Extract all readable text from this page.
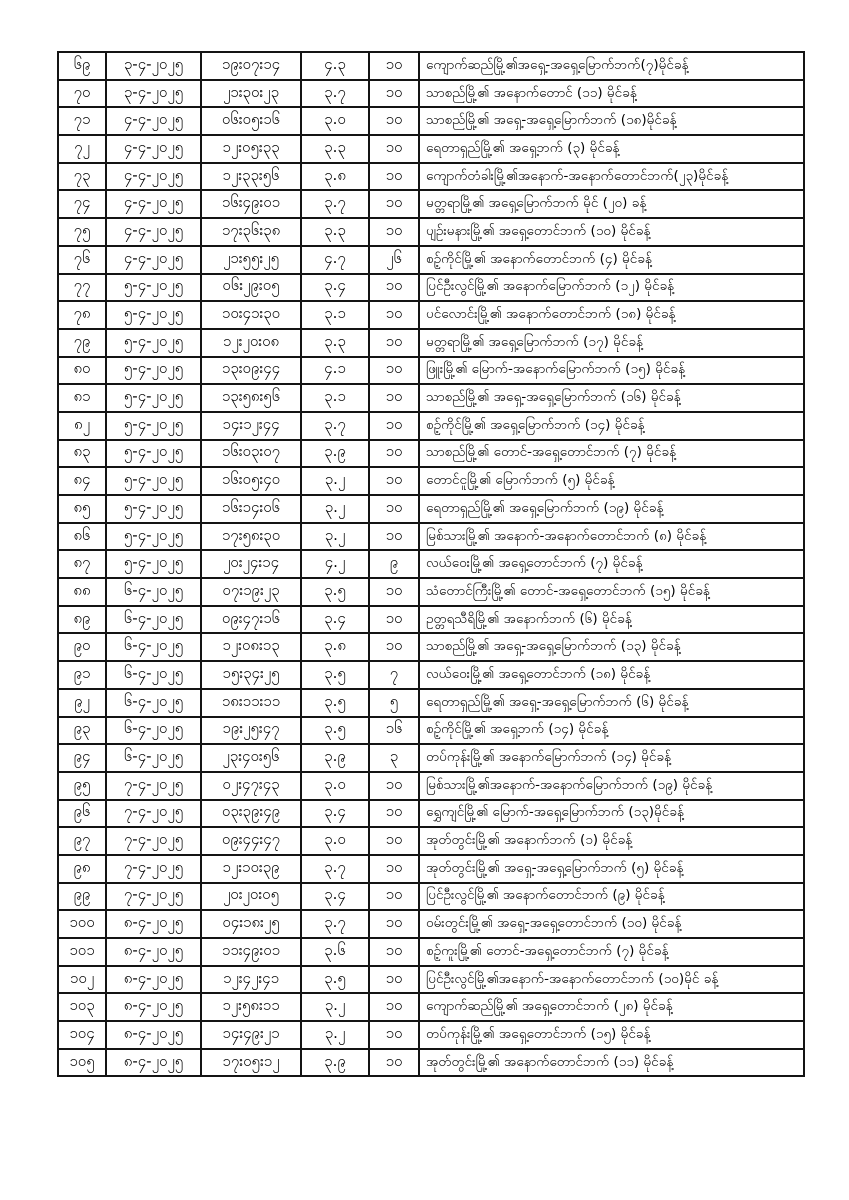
၆၉	၃-၄-၂၀၂၅	၁၉း၀၇း၁၄	၄.၃	၁၀	ကျောက်ဆည်မြို့၏အရှေ့-အရှေ့မြောက်ဘက်(၇)မိုင်ခန့်
၇၀	၃-၄-၂၀၂၅	၂၁း၃၀း၂၃	၃.၇	၁၀	သာစည်မြို့၏ အနောက်တောင် (၁၁) မိုင်ခန့်
၇၁	၄-၄-၂၀၂၅	၀၆း၀၅း၁၆	၃.၀	၁၀	သာစည်မြို့၏ အရှေ့-အရှေ့မြောက်ဘက် (၁၈)မိုင်ခန့်
၇၂	၄-၄-၂၀၂၅	၁၂း၀၅း၃၃	၃.၃	၁၀	ရေတာရှည်မြို့၏ အရှေ့ဘက် (၃) မိုင်ခန့်
၇၃	၄-၄-၂၀၂၅	၁၂း၃၃း၅၆	၃.၈	၁၀	ကျောက်တံခါးမြို့၏အနောက်-အနောက်တောင်ဘက်(၂၃)မိုင်ခန့်
၇၄	၄-၄-၂၀၂၅	၁၆း၄၉း၀၁	၃.၇	၁၀	မတ္တရာမြို့၏ အရှေ့မြောက်ဘက် မိုင် (၂၀) ခန့်
၇၅	၄-၄-၂၀၂၅	၁၇း၃၆း၃၈	၃.၃	၁၀	ပျဉ်းမနားမြို့၏ အရှေ့တောင်ဘက် (၁၀) မိုင်ခန့်
၇၆	၄-၄-၂၀၂၅	၂၁း၅၅း၂၅	၄.၇	၂၆	စဉ့်ကိုင်မြို့၏ အနောက်တောင်ဘက် (၄) မိုင်ခန့်
၇၇	၅-၄-၂၀၂၅	၀၆း၂၉း၀၅	၃.၄	၁၀	ပြင်ဦးလွင်မြို့၏ အနောက်မြောက်ဘက် (၁၂) မိုင်ခန့်
၇၈	၅-၄-၂၀၂၅	၁၀း၄၁း၃၀	၃.၁	၁၀	ပင်လောင်းမြို့၏ အနောက်တောင်ဘက် (၁၈) မိုင်ခန့်
၇၉	၅-၄-၂၀၂၅	၁၂း၂၀း၀၈	၃.၃	၁၀	မတ္တရာမြို့၏ အရှေ့မြောက်ဘက် (၁၇) မိုင်ခန့်
၈၀	၅-၄-၂၀၂၅	၁၃း၀၉း၄၄	၄.၁	၁၀	ဖြူးမြို့၏ မြောက်-အနောက်မြောက်ဘက် (၁၅) မိုင်ခန့်
၈၁	၅-၄-၂၀၂၅	၁၃း၅၈း၅၆	၃.၁	၁၀	သာစည်မြို့၏ အရှေ့-အရှေ့မြောက်ဘက် (၁၆) မိုင်ခန့်
၈၂	၅-၄-၂၀၂၅	၁၄း၁၂း၄၄	၃.၇	၁၀	စဉ့်ကိုင်မြို့၏ အရှေ့မြောက်ဘက် (၁၄) မိုင်ခန့်
၈၃	၅-၄-၂၀၂၅	၁၆း၀၃း၀၇	၃.၉	၁၀	သာစည်မြို့၏ တောင်-အရှေ့တောင်ဘက် (၇) မိုင်ခန့်
၈၄	၅-၄-၂၀၂၅	၁၆း၀၅း၄၀	၃.၂	၁၀	တောင်ငူမြို့၏ မြောက်ဘက် (၅) မိုင်ခန့်
၈၅	၅-၄-၂၀၂၅	၁၆း၁၄း၀၆	၃.၂	၁၀	ရေတာရှည်မြို့၏ အရှေ့မြောက်ဘက် (၁၉) မိုင်ခန့်
၈၆	၅-၄-၂၀၂၅	၁၇း၅၈း၃၀	၃.၂	၁၀	မြစ်သားမြို့၏ အနောက်-အနောက်တောင်ဘက် (၈) မိုင်ခန့်
၈၇	၅-၄-၂၀၂၅	၂၀း၂၄း၁၄	၄.၂	၉	လယ်ဝေးမြို့၏ အရှေ့တောင်ဘက် (၇) မိုင်ခန့်
၈၈	၆-၄-၂၀၂၅	၀၇း၁၉း၂၃	၃.၅	၁၀	သံတောင်ကြီးမြို့၏ တောင်-အရှေ့တောင်ဘက် (၁၅) မိုင်ခန့်
၈၉	၆-၄-၂၀၂၅	၀၉း၄၇း၁၆	၃.၄	၁၀	ဥတ္တရသီရိမြို့၏ အနောက်ဘက် (၆) မိုင်ခန့်
၉၀	၆-၄-၂၀၂၅	၁၂း၀၈း၁၃	၃.၈	၁၀	သာစည်မြို့၏ အရှေ့-အရှေ့မြောက်ဘက် (၁၃) မိုင်ခန့်
၉၁	၆-၄-၂၀၂၅	၁၅း၃၄း၂၅	၃.၅	၇	လယ်ဝေးမြို့၏ အရှေ့တောင်ဘက် (၁၈) မိုင်ခန့်
၉၂	၆-၄-၂၀၂၅	၁၈း၁၁း၁၁	၃.၅	၅	ရေတာရှည်မြို့၏ အရှေ့-အရှေ့မြောက်ဘက် (၆) မိုင်ခန့်
၉၃	၆-၄-၂၀၂၅	၁၉း၂၅း၄၇	၃.၅	၁၆	စဉ့်ကိုင်မြို့၏ အရှေ့ဘက် (၁၄) မိုင်ခန့်
၉၄	၆-၄-၂၀၂၅	၂၃း၄၀း၅၆	၃.၉	၃	တပ်ကုန်းမြို့၏ အနောက်မြောက်ဘက် (၁၄) မိုင်ခန့်
၉၅	၇-၄-၂၀၂၅	၀၂း၄၇း၄၃	၃.၀	၁၀	မြစ်သားမြို့၏အနောက်-အနောက်မြောက်ဘက် (၁၉) မိုင်ခန့်
၉၆	၇-၄-၂၀၂၅	၀၃း၃၉း၄၉	၃.၄	၁၀	ရွှေကျင်မြို့၏ မြောက်-အရှေ့မြောက်ဘက် (၁၃)မိုင်ခန့်
၉၇	၇-၄-၂၀၂၅	၀၉း၄၄း၄၇	၃.၀	၁၀	အုတ်တွင်းမြို့၏ အနောက်ဘက် (၁) မိုင်ခန့်
၉၈	၇-၄-၂၀၂၅	၁၂း၁၀း၃၉	၃.၇	၁၀	အုတ်တွင်းမြို့၏ အရှေ့-အရှေ့မြောက်ဘက် (၅) မိုင်ခန့်
၉၉	၇-၄-၂၀၂၅	၂၀း၂၀း၀၅	၃.၄	၁၀	ပြင်ဦးလွင်မြို့၏ အနောက်တောင်ဘက် (၉) မိုင်ခန့်
၁၀၀	၈-၄-၂၀၂၅	၀၄း၁၈း၂၅	၃.၇	၁၀	ဝမ်းတွင်းမြို့၏ အရှေ့-အရှေ့တောင်ဘက် (၁၀) မိုင်ခန့်
၁၀၁	၈-၄-၂၀၂၅	၁၁း၄၉း၀၁	၃.၆	၁၀	စဉ့်ကူးမြို့၏ တောင်-အရှေ့တောင်ဘက် (၇) မိုင်ခန့်
၁၀၂	၈-၄-၂၀၂၅	၁၂း၄၂း၄၁	၃.၅	၁၀	ပြင်ဦးလွင်မြို့၏အနောက်-အနောက်တောင်ဘက် (၁၀)မိုင် ခန့်
၁၀၃	၈-၄-၂၀၂၅	၁၂း၅၈း၁၁	၃.၂	၁၀	ကျောက်ဆည်မြို့၏ အရှေ့တောင်ဘက် (၂၈) မိုင်ခန့်
၁၀၄	၈-၄-၂၀၂၅	၁၄း၄၉း၂၁	၃.၂	၁၀	တပ်ကုန်းမြို့၏ အရှေ့တောင်ဘက် (၁၅) မိုင်ခန့်
၁၀၅	၈-၄-၂၀၂၅	၁၇း၀၅း၁၂	၃.၉	၁၀	အုတ်တွင်းမြို့၏ အနောက်တောင်ဘက် (၁၁) မိုင်ခန့်
